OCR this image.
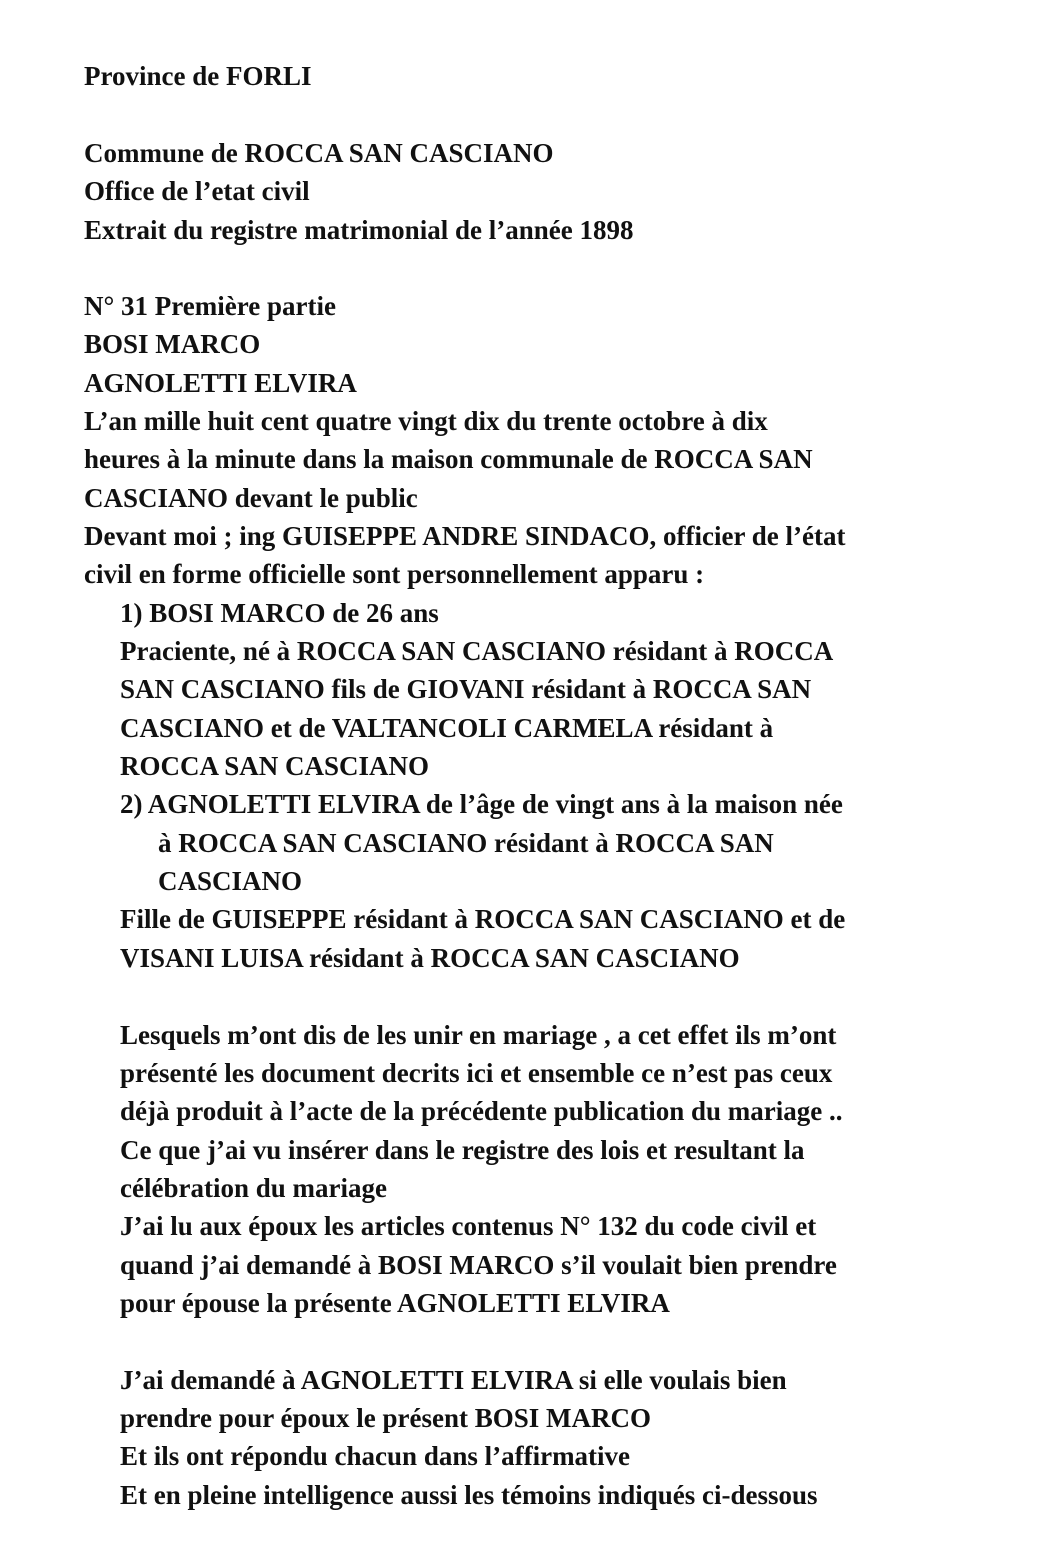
Province de FORLI

Commune de ROCCA SAN CASCIANO

Office de l’etat civil

Extrait du registre matrimonial de l’année 1898

N° 31 Première partie

BOSI MARCO

AGNOLETTI ELVIRA

L’an mille huit cent quatre vingt dix du trente octobre à dix

heures à la minute dans la maison communale de ROCCA SAN

CASCIANO devant le public

Devant moi ; ing GUISEPPE ANDRE SINDACO, officier de l’état

civil en forme officielle sont personnellement apparu :

1) BOSI MARCO de 26 ans

Praciente, né à ROCCA SAN CASCIANO résidant à ROCCA

SAN CASCIANO fils de GIOVANI résidant à ROCCA SAN

CASCIANO et de VALTANCOLI CARMELA résidant à

ROCCA SAN CASCIANO

2) AGNOLETTI ELVIRA de l’âge de vingt ans à la maison née

à ROCCA SAN CASCIANO résidant à ROCCA SAN

CASCIANO

Fille de GUISEPPE résidant à ROCCA SAN CASCIANO et de

VISANI LUISA résidant à ROCCA SAN CASCIANO

Lesquels m’ont dis de les unir en mariage , a cet effet ils m’ont

présenté les document decrits ici et ensemble ce n’est pas ceux

déjà produit à l’acte de la précédente publication du mariage ..

Ce que j’ai vu insérer dans le registre des lois et resultant la

célébration du mariage

J’ai lu aux époux les articles contenus N° 132 du code civil et

quand j’ai demandé à BOSI MARCO s’il voulait bien prendre

pour épouse la présente AGNOLETTI ELVIRA

J’ai demandé à AGNOLETTI ELVIRA si elle voulais bien

prendre pour époux le présent BOSI MARCO

Et ils ont répondu chacun dans l’affirmative

Et en pleine intelligence aussi les témoins indiqués ci-dessous
